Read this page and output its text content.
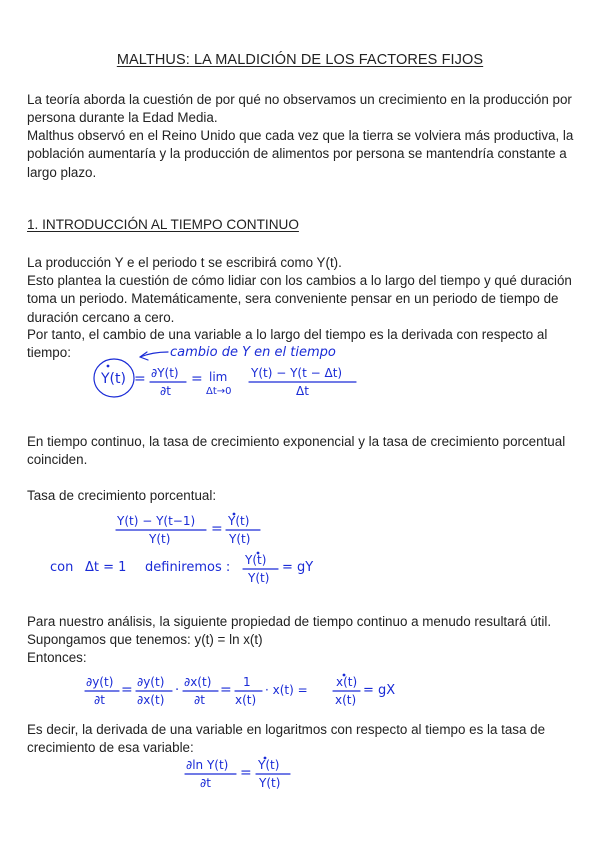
MALTHUS: LA MALDICIÓN DE LOS FACTORES FIJOS

La teoría aborda la cuestión de por qué no observamos un crecimiento en la producción por persona durante la Edad Media.

Malthus observó en el Reino Unido que cada vez que la tierra se volviera más productiva, la población aumentaría y la producción de alimentos por persona se mantendría constante a largo plazo.

1. INTRODUCCIÓN AL TIEMPO CONTINUO

La producción Y e el periodo t se escribirá como Y(t).

Esto plantea la cuestión de cómo lidiar con los cambios a lo largo del tiempo y qué duración toma un periodo. Matemáticamente, sera conveniente pensar en un periodo de tiempo de duración cercano a cero.

Por tanto, el cambio de una variable a lo largo del tiempo es la derivada con respecto al tiempo:

En tiempo continuo, la tasa de crecimiento exponencial y la tasa de crecimiento porcentual coinciden.

Tasa de crecimiento porcentual:

Para nuestro análisis, la siguiente propiedad de tiempo continuo a menudo resultará útil.

Supongamos que tenemos: y(t) = ln x(t)

Entonces:

Es decir, la derivada de una variable en logaritmos con respecto al tiempo es la tasa de crecimiento de esa variable:

cambio de Y en el tiempo
Y(t) = ∂Y(t)
∂t
= lim
Δt→0
Y(t) − Y(t − Δt)
Δt
Y(t) − Y(t−1)
Y(t)
= Y(t)
Y(t)
con Δt = 1 definiremos : Y(t)
Y(t)
= gY
∂y(t)
∂t
= ∂y(t)
∂x(t)
·
∂x(t)
∂t
= 1
x(t)
· x(t) =
x(t)
x(t)
= gX
∂ln Y(t)
∂t
= Y(t)
Y(t)
